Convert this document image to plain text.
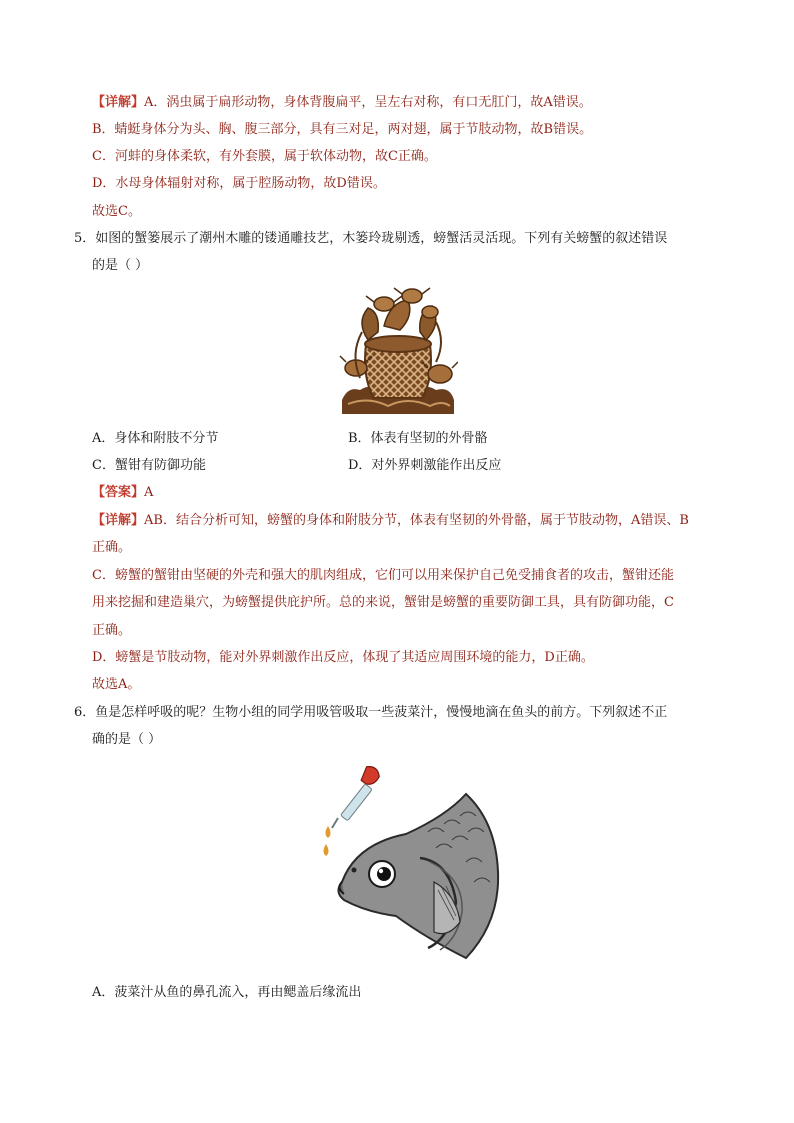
【详解】A．涡虫属于扁形动物，身体背腹扁平，呈左右对称，有口无肛门，故A错误。
B．蜻蜓身体分为头、胸、腹三部分，具有三对足，两对翅，属于节肢动物，故B错误。
C．河蚌的身体柔软，有外套膜，属于软体动物，故C正确。
D．水母身体辐射对称，属于腔肠动物，故D错误。
故选C。
5．如图的蟹篓展示了潮州木雕的镂通雕技艺，木篓玲珑剔透，螃蟹活灵活现。下列有关螃蟹的叙述错误
的是（ ）
A．身体和附肢不分节	B．体表有坚韧的外骨骼
C．蟹钳有防御功能	D．对外界刺激能作出反应
【答案】A
【详解】AB．结合分析可知，螃蟹的身体和附肢分节，体表有坚韧的外骨骼，属于节肢动物，A错误、B
正确。
C．螃蟹的蟹钳由坚硬的外壳和强大的肌肉组成，它们可以用来保护自己免受捕食者的攻击，蟹钳还能
用来挖掘和建造巢穴，为螃蟹提供庇护所。总的来说，蟹钳是螃蟹的重要防御工具，具有防御功能，C
正确。
D．螃蟹是节肢动物，能对外界刺激作出反应，体现了其适应周围环境的能力，D正确。
故选A。
6．鱼是怎样呼吸的呢？生物小组的同学用吸管吸取一些菠菜汁，慢慢地滴在鱼头的前方。下列叙述不正
确的是（ ）
A．菠菜汁从鱼的鼻孔流入，再由鳃盖后缘流出
